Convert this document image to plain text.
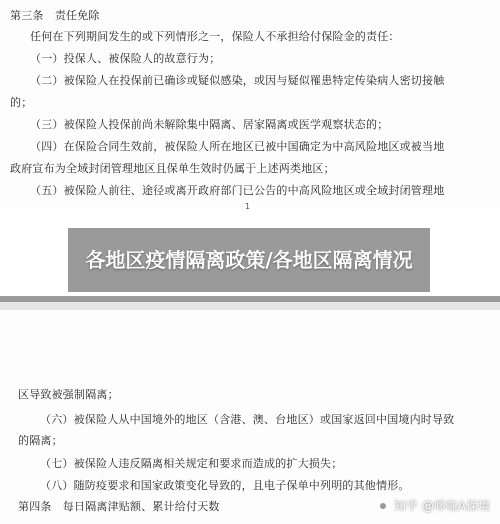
第三条　责任免除
任何在下列期间发生的或下列情形之一，保险人不承担给付保险金的责任：
（一）投保人、被保险人的故意行为；
（二）被保险人在投保前已确诊或疑似感染，或因与疑似罹患特定传染病人密切接触
的；
（三）被保险人投保前尚未解除集中隔离、居家隔离或医学观察状态的；
（四）在保险合同生效前，被保险人所在地区已被中国确定为中高风险地区或被当地
政府宣布为全域封闭管理地区且保单生效时仍属于上述两类地区；
（五）被保险人前往、途径或离开政府部门已公告的中高风险地区或全域封闭管理地
1
各地区疫情隔离政策/各地区隔离情况
区导致被强制隔离；
（六）被保险人从中国境外的地区（含港、澳、台地区）或国家返回中国境内时导致
的隔离；
（七）被保险人违反隔离相关规定和要求而造成的扩大损失；
（八）随防疫要求和国家政策变化导致的，且电子保单中列明的其他情形。
第四条　每日隔离津贴额、累计给付天数	知乎 @哆啦A保境
